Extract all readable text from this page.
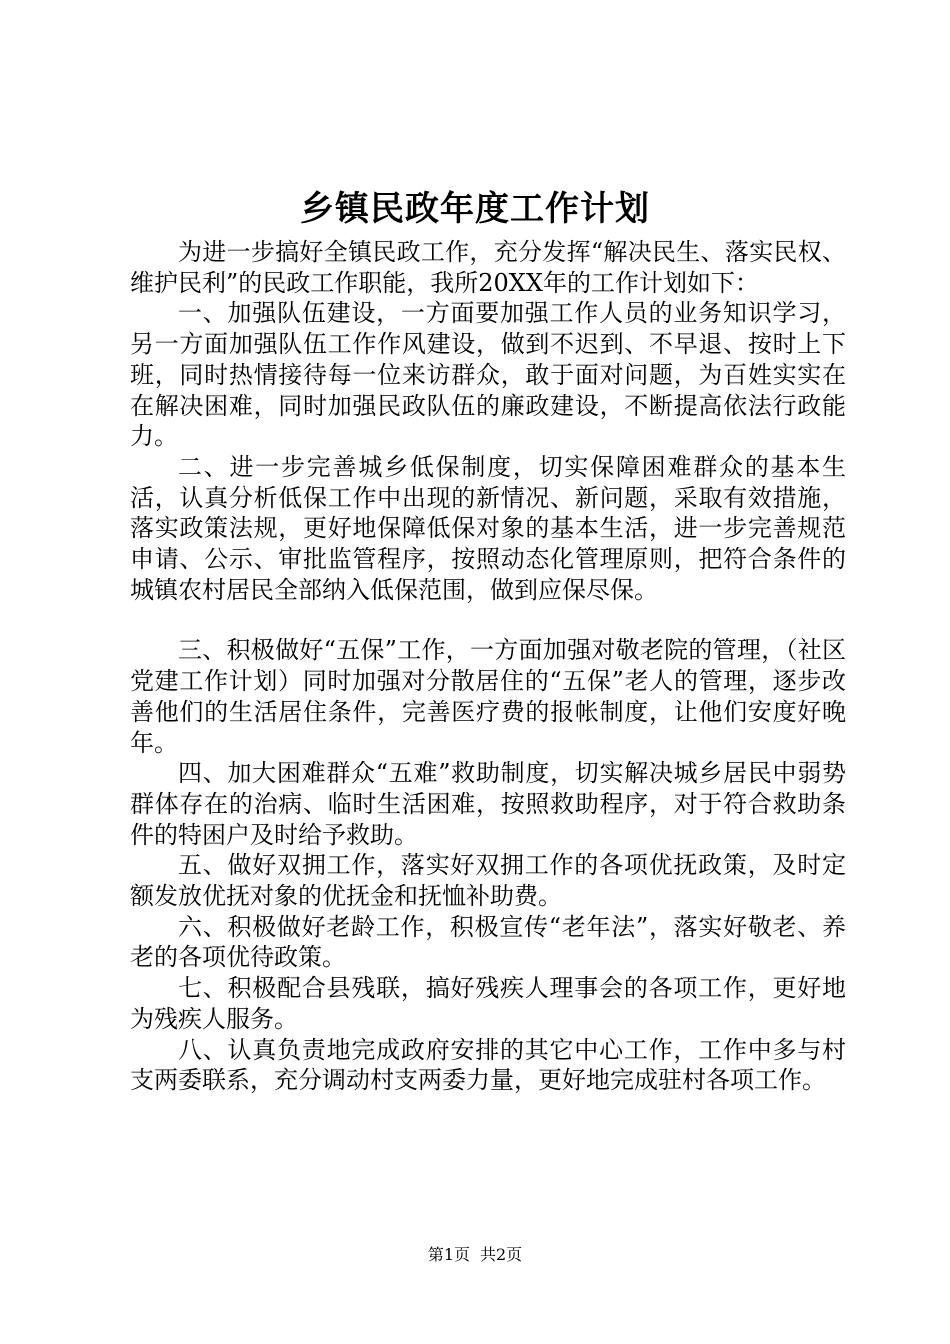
乡镇民政年度工作计划

为进一步搞好全镇民政工作，充分发挥“解决民生、落实民权、维护民利”的民政工作职能，我所20XX年的工作计划如下：

一、加强队伍建设，一方面要加强工作人员的业务知识学习，另一方面加强队伍工作作风建设，做到不迟到、不早退、按时上下班，同时热情接待每一位来访群众，敢于面对问题，为百姓实实在在解决困难，同时加强民政队伍的廉政建设，不断提高依法行政能力。

二、进一步完善城乡低保制度，切实保障困难群众的基本生活，认真分析低保工作中出现的新情况、新问题，采取有效措施，落实政策法规，更好地保障低保对象的基本生活，进一步完善规范申请、公示、审批监管程序，按照动态化管理原则，把符合条件的城镇农村居民全部纳入低保范围，做到应保尽保。

三、积极做好“五保”工作，一方面加强对敬老院的管理，（社区党建工作计划）同时加强对分散居住的“五保”老人的管理，逐步改善他们的生活居住条件，完善医疗费的报帐制度，让他们安度好晚年。

四、加大困难群众“五难”救助制度，切实解决城乡居民中弱势群体存在的治病、临时生活困难，按照救助程序，对于符合救助条件的特困户及时给予救助。

五、做好双拥工作，落实好双拥工作的各项优抚政策，及时定额发放优抚对象的优抚金和抚恤补助费。

六、积极做好老龄工作，积极宣传“老年法”，落实好敬老、养老的各项优待政策。

七、积极配合县残联，搞好残疾人理事会的各项工作，更好地为残疾人服务。

八、认真负责地完成政府安排的其它中心工作，工作中多与村支两委联系，充分调动村支两委力量，更好地完成驻村各项工作。

第1页 共2页
